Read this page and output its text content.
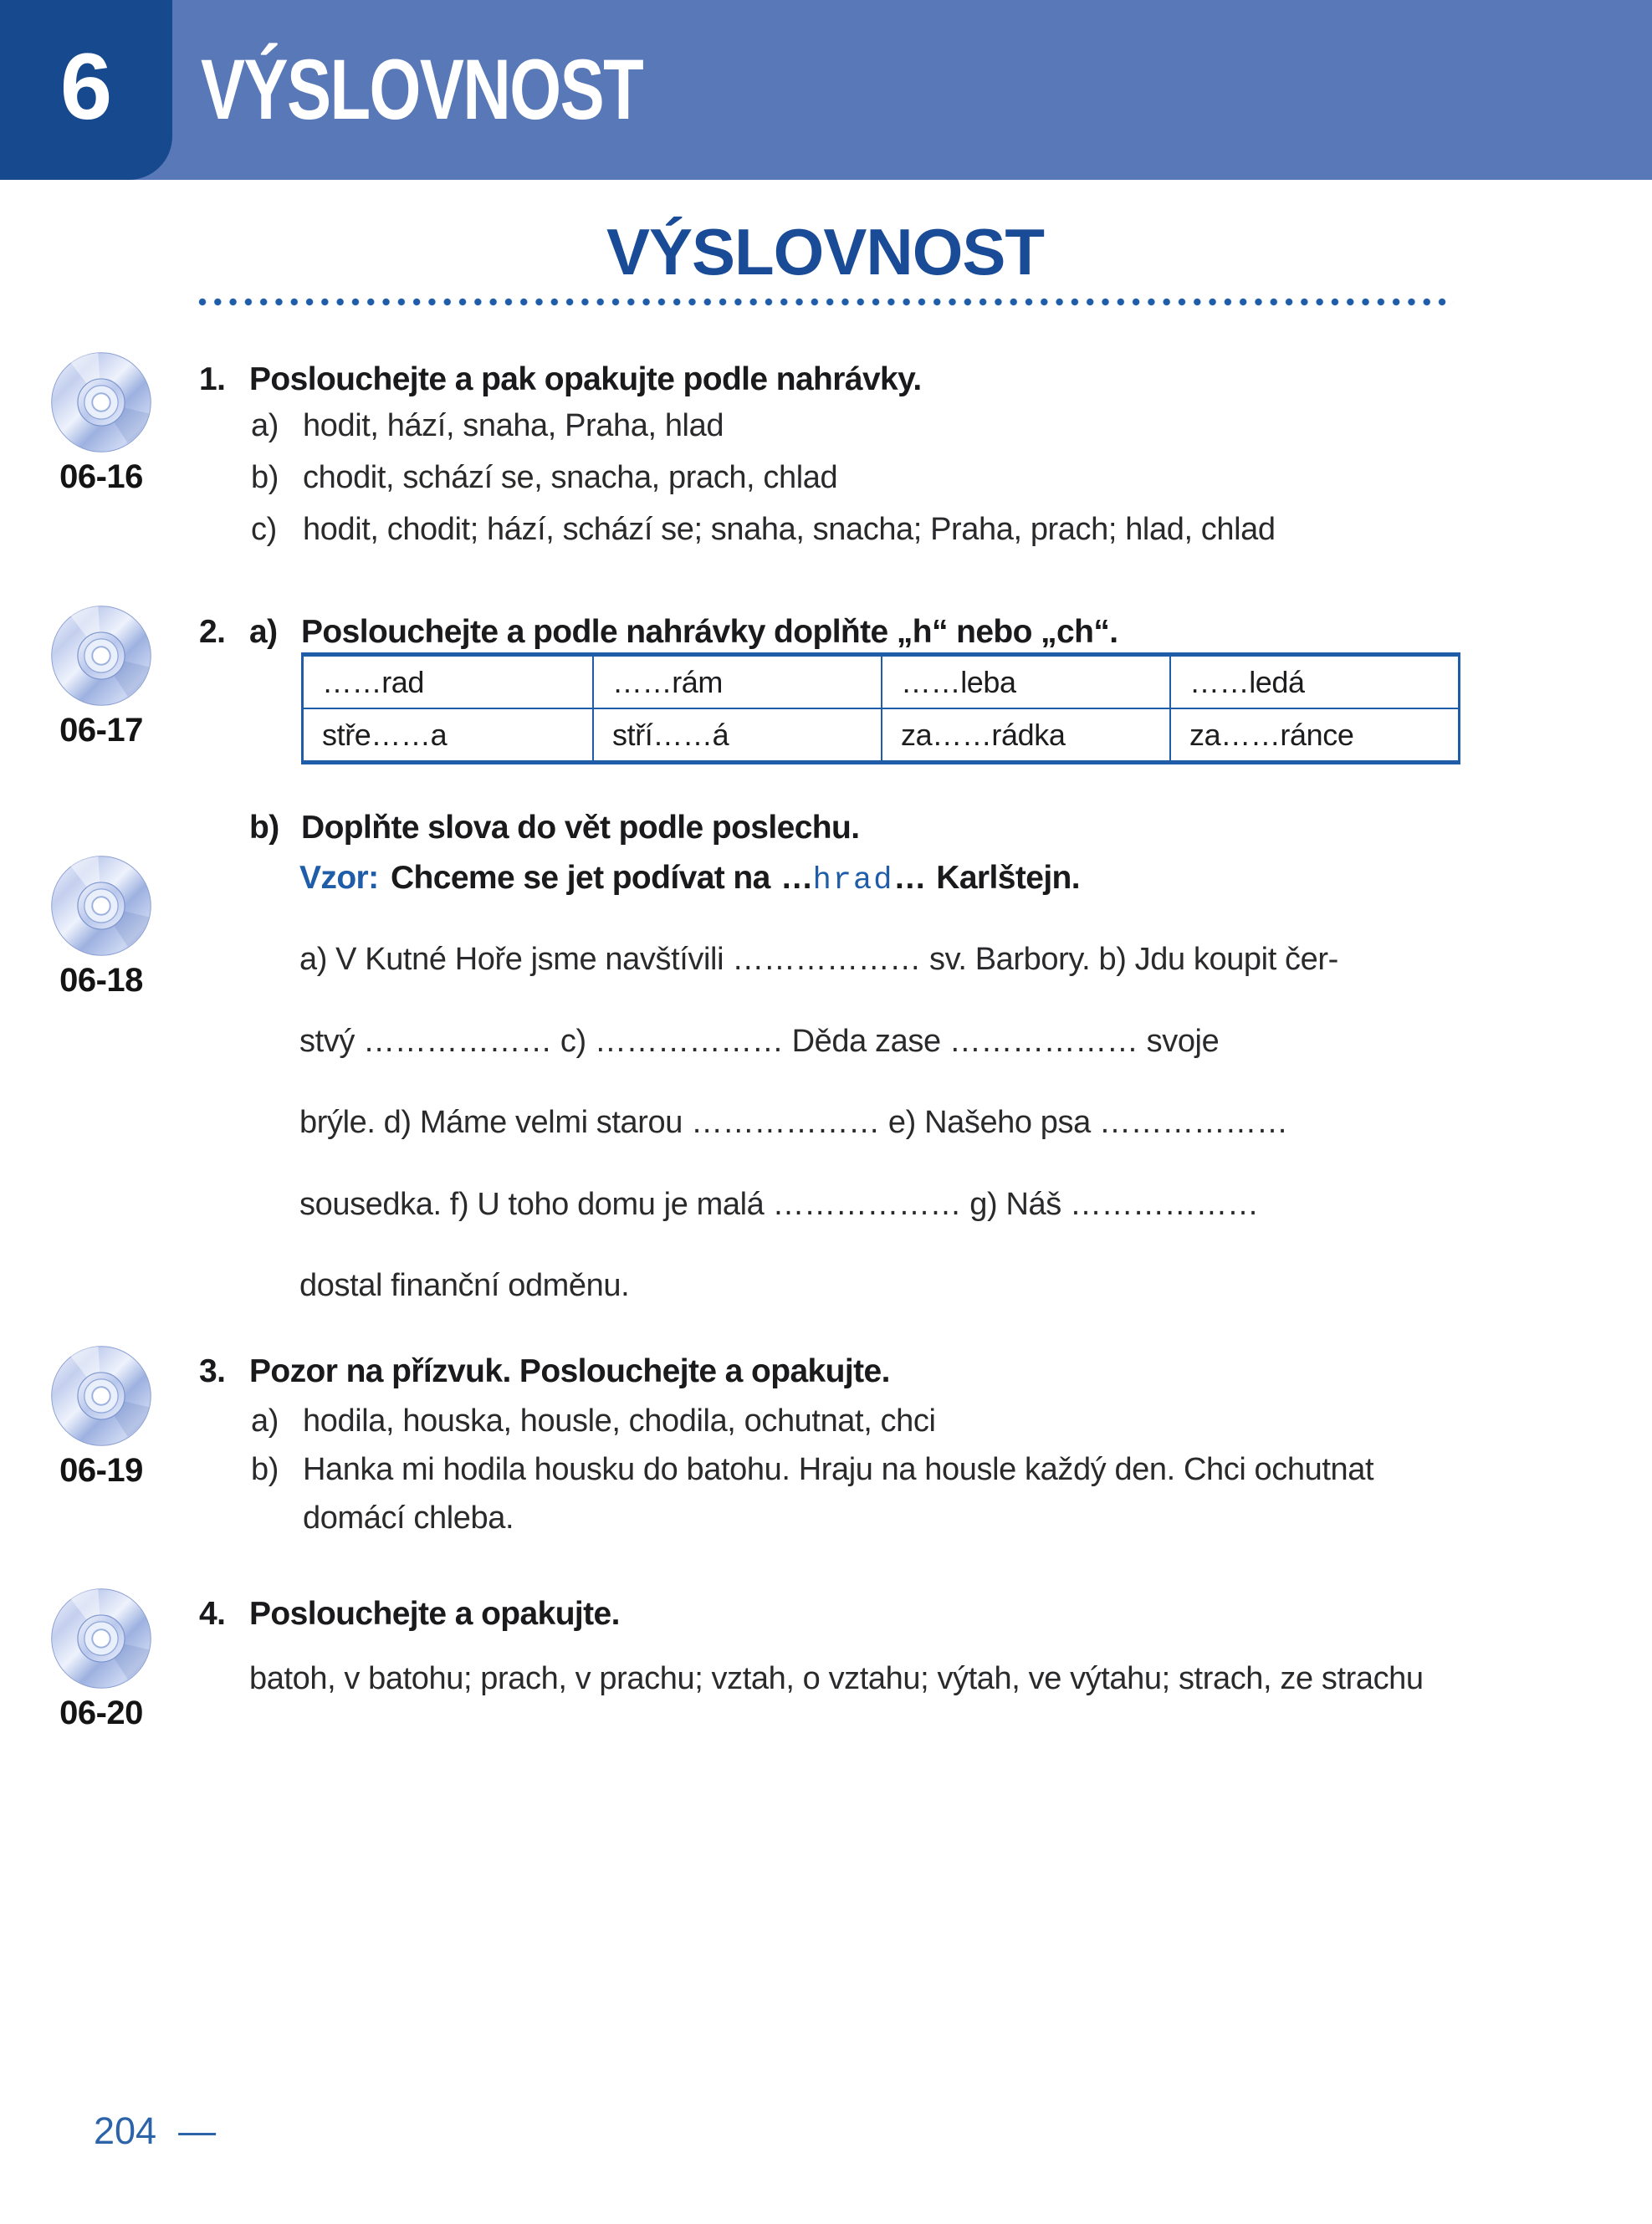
6 VÝSLOVNOST
VÝSLOVNOST
06-16
06-17
06-18
06-19
06-20
1. Poslouchejte a pak opakujte podle nahrávky.
a) hodit, hází, snaha, Praha, hlad
b) chodit, schází se, snacha, prach, chlad
c) hodit, chodit; hází, schází se; snaha, snacha; Praha, prach; hlad, chlad
2. a) Poslouchejte a podle nahrávky doplňte „h“ nebo „ch“.
……rad	……rám	……leba	……ledá
stře……a	stří……á	za……rádka	za……ránce
b) Doplňte slova do vět podle poslechu.
Vzor: Chceme se jet podívat na …hrad… Karlštejn.
a) V Kutné Hoře jsme navštívili ……………… sv. Barbory. b) Jdu koupit čer-
stvý ……………… c) ……………… Děda zase ……………… svoje
brýle. d) Máme velmi starou ……………… e) Našeho psa ………………
sousedka. f) U toho domu je malá ……………… g) Náš ………………
dostal finanční odměnu.
3. Pozor na přízvuk. Poslouchejte a opakujte.
a) hodila, houska, housle, chodila, ochutnat, chci
b) Hanka mi hodila housku do batohu. Hraju na housle každý den. Chci ochutnat
domácí chleba.
4. Poslouchejte a opakujte.
batoh, v batohu; prach, v prachu; vztah, o vztahu; výtah, ve výtahu; strach, ze strachu
204 —
